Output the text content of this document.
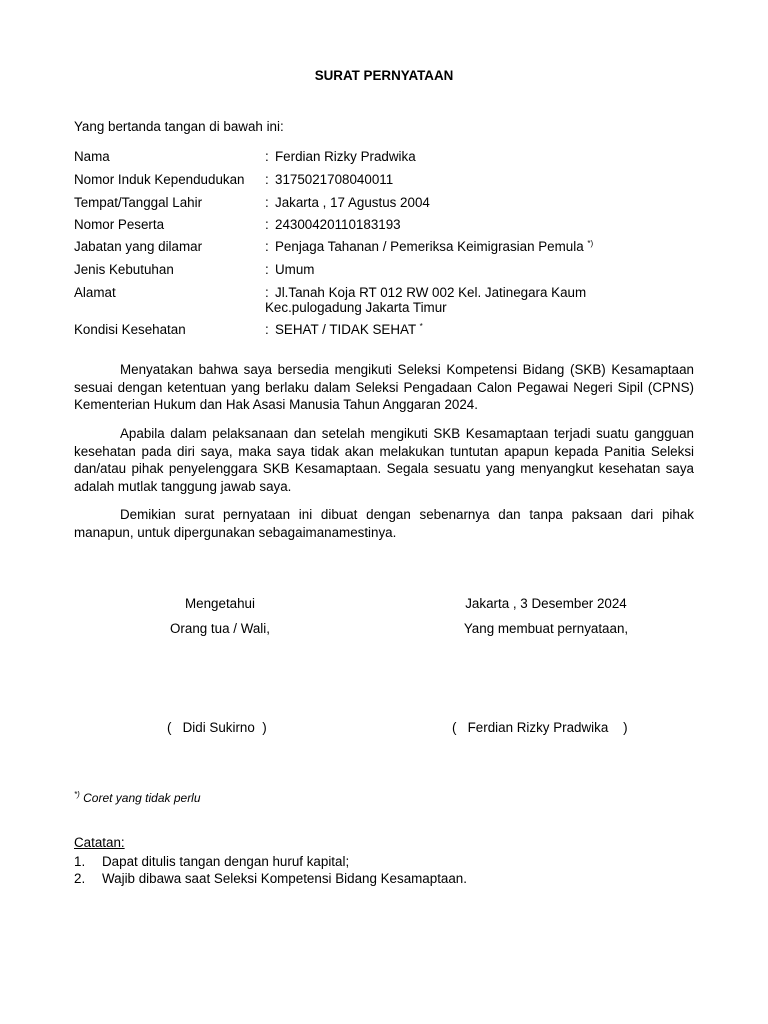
SURAT PERNYATAAN
Yang bertanda tangan di bawah ini:
Nama	: Ferdian Rizky Pradwika
Nomor Induk Kependudukan : 3175021708040011
Tempat/Tanggal Lahir	: Jakarta , 17 Agustus 2004
Nomor Peserta	: 24300420110183193
Jabatan yang dilamar	: Penjaga Tahanan / Pemeriksa Keimigrasian Pemula *)
Jenis Kebutuhan	: Umum
Alamat	: Jl.Tanah Koja RT 012 RW 002 Kel. Jatinegara Kaum
Kec.pulogadung Jakarta Timur
Kondisi Kesehatan	: SEHAT / TIDAK SEHAT *

Menyatakan bahwa saya bersedia mengikuti Seleksi Kompetensi Bidang (SKB) Kesamaptaan sesuai dengan ketentuan yang berlaku dalam Seleksi Pengadaan Calon Pegawai Negeri Sipil (CPNS) Kementerian Hukum dan Hak Asasi Manusia Tahun Anggaran 2024.

Apabila dalam pelaksanaan dan setelah mengikuti SKB Kesamaptaan terjadi suatu gangguan kesehatan pada diri saya, maka saya tidak akan melakukan tuntutan apapun kepada Panitia Seleksi dan/atau pihak penyelenggara SKB Kesamaptaan. Segala sesuatu yang menyangkut kesehatan saya adalah mutlak tanggung jawab saya.

Demikian surat pernyataan ini dibuat dengan sebenarnya dan tanpa paksaan dari pihak manapun, untuk dipergunakan sebagaimanamestinya.

Mengetahui
Orang tua / Wali,
Jakarta , 3 Desember 2024
Yang membuat pernyataan,
(   Didi Sukirno  )	(   Ferdian Rizky Pradwika    )
*) Coret yang tidak perlu
Catatan:
1. Dapat ditulis tangan dengan huruf kapital;
2. Wajib dibawa saat Seleksi Kompetensi Bidang Kesamaptaan.
